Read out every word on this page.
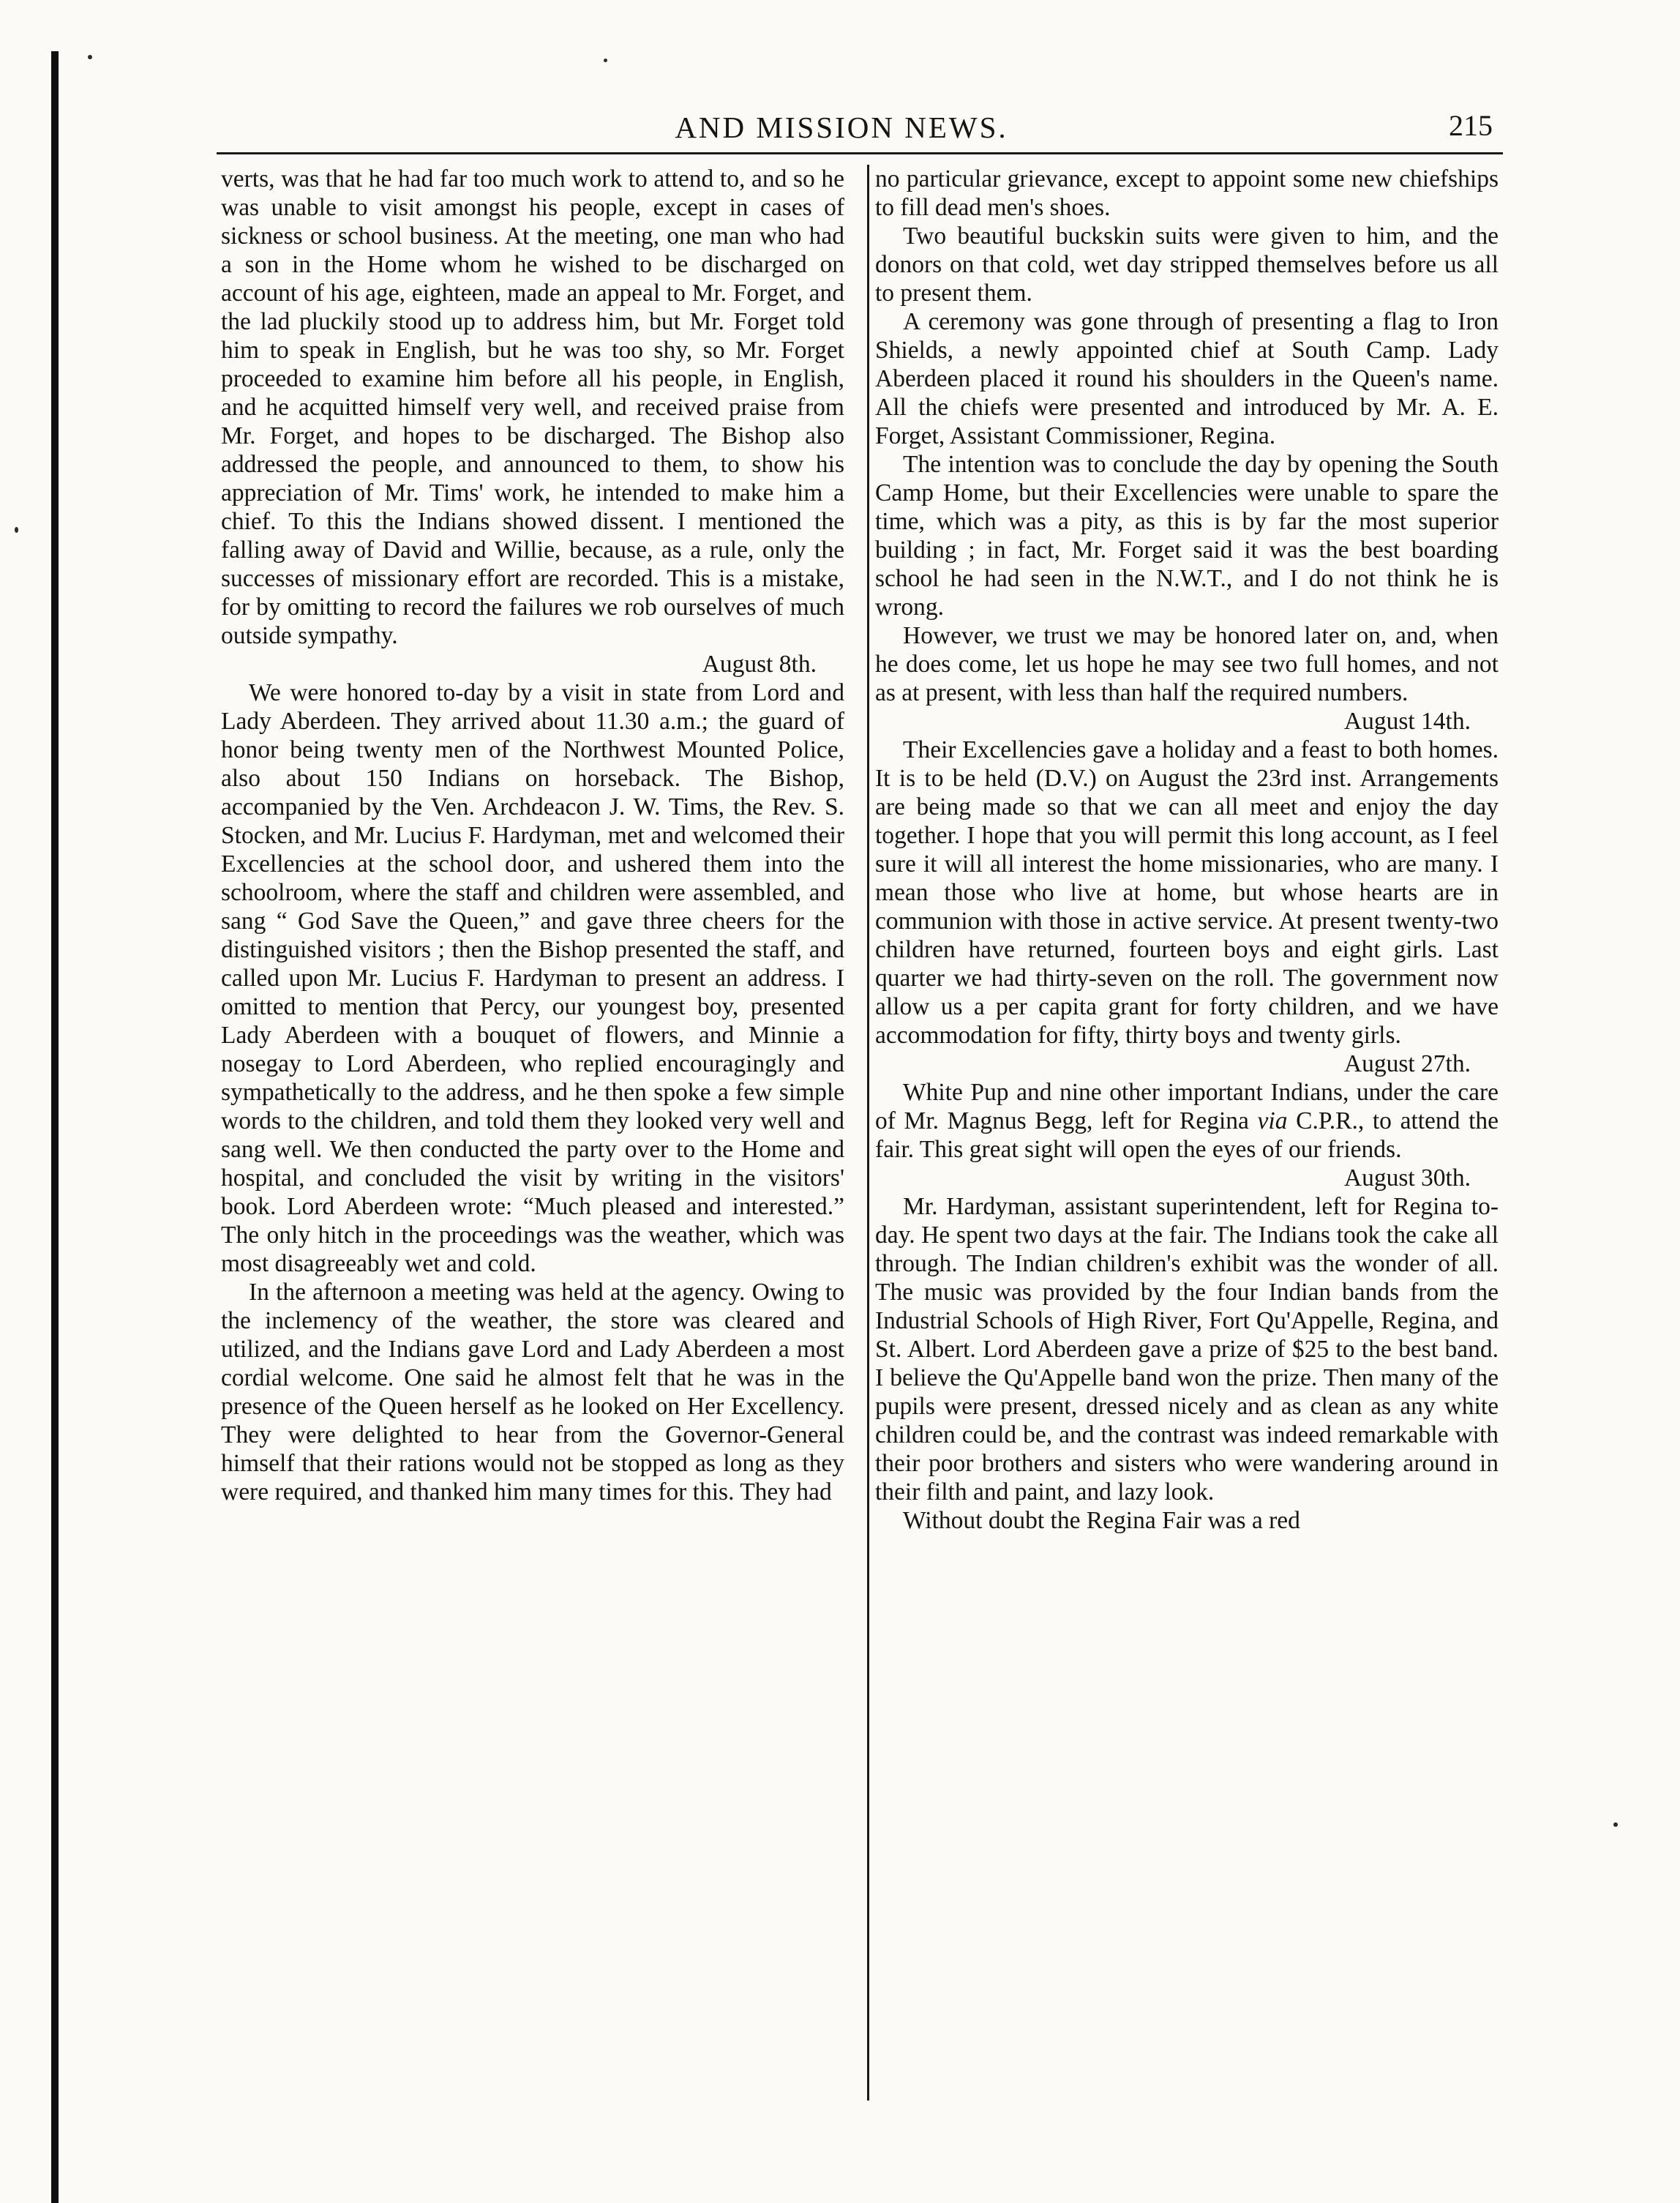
AND MISSION NEWS.	215

verts, was that he had far too much work to attend to, and so he was unable to visit amongst his people, except in cases of sickness or school business. At the meeting, one man who had a son in the Home whom he wished to be discharged on account of his age, eighteen, made an appeal to Mr. Forget, and the lad pluckily stood up to address him, but Mr. Forget told him to speak in English, but he was too shy, so Mr. Forget proceeded to examine him before all his people, in English, and he acquitted himself very well, and received praise from Mr. Forget, and hopes to be discharged. The Bishop also addressed the people, and announced to them, to show his appreciation of Mr. Tims' work, he intended to make him a chief. To this the Indians showed dissent. I mentioned the falling away of David and Willie, because, as a rule, only the successes of missionary effort are recorded. This is a mistake, for by omitting to record the failures we rob ourselves of much outside sympathy.

August 8th.

We were honored to-day by a visit in state from Lord and Lady Aberdeen. They arrived about 11.30 a.m.; the guard of honor being twenty men of the Northwest Mounted Police, also about 150 Indians on horseback. The Bishop, accompanied by the Ven. Archdeacon J. W. Tims, the Rev. S. Stocken, and Mr. Lucius F. Hardyman, met and welcomed their Excellencies at the school door, and ushered them into the schoolroom, where the staff and children were assembled, and sang “ God Save the Queen,” and gave three cheers for the distinguished visitors ; then the Bishop presented the staff, and called upon Mr. Lucius F. Hardyman to present an address. I omitted to mention that Percy, our youngest boy, presented Lady Aberdeen with a bouquet of flowers, and Minnie a nosegay to Lord Aberdeen, who replied encouragingly and sympathetically to the address, and he then spoke a few simple words to the children, and told them they looked very well and sang well. We then conducted the party over to the Home and hospital, and concluded the visit by writing in the visitors' book. Lord Aberdeen wrote: “Much pleased and interested.” The only hitch in the proceedings was the weather, which was most disagreeably wet and cold.

In the afternoon a meeting was held at the agency. Owing to the inclemency of the weather, the store was cleared and utilized, and the Indians gave Lord and Lady Aberdeen a most cordial welcome. One said he almost felt that he was in the presence of the Queen herself as he looked on Her Excellency. They were delighted to hear from the Governor-General himself that their rations would not be stopped as long as they were required, and thanked him many times for this. They had

no particular grievance, except to appoint some new chiefships to fill dead men's shoes.

Two beautiful buckskin suits were given to him, and the donors on that cold, wet day stripped themselves before us all to present them.

A ceremony was gone through of presenting a flag to Iron Shields, a newly appointed chief at South Camp. Lady Aberdeen placed it round his shoulders in the Queen's name. All the chiefs were presented and introduced by Mr. A. E. Forget, Assistant Commissioner, Regina.

The intention was to conclude the day by opening the South Camp Home, but their Excellencies were unable to spare the time, which was a pity, as this is by far the most superior building ; in fact, Mr. Forget said it was the best boarding school he had seen in the N.W.T., and I do not think he is wrong.

However, we trust we may be honored later on, and, when he does come, let us hope he may see two full homes, and not as at present, with less than half the required numbers.

August 14th.

Their Excellencies gave a holiday and a feast to both homes. It is to be held (D.V.) on August the 23rd inst. Arrangements are being made so that we can all meet and enjoy the day together. I hope that you will permit this long account, as I feel sure it will all interest the home missionaries, who are many. I mean those who live at home, but whose hearts are in communion with those in active service. At present twenty-two children have returned, fourteen boys and eight girls. Last quarter we had thirty-seven on the roll. The government now allow us a per capita grant for forty children, and we have accommodation for fifty, thirty boys and twenty girls.

August 27th.

White Pup and nine other important Indians, under the care of Mr. Magnus Begg, left for Regina via C.P.R., to attend the fair. This great sight will open the eyes of our friends.

August 30th.

Mr. Hardyman, assistant superintendent, left for Regina to-day. He spent two days at the fair. The Indians took the cake all through. The Indian children's exhibit was the wonder of all. The music was provided by the four Indian bands from the Industrial Schools of High River, Fort Qu'Appelle, Regina, and St. Albert. Lord Aberdeen gave a prize of $25 to the best band. I believe the Qu'Appelle band won the prize. Then many of the pupils were present, dressed nicely and as clean as any white children could be, and the contrast was indeed remarkable with their poor brothers and sisters who were wandering around in their filth and paint, and lazy look.

Without doubt the Regina Fair was a red
